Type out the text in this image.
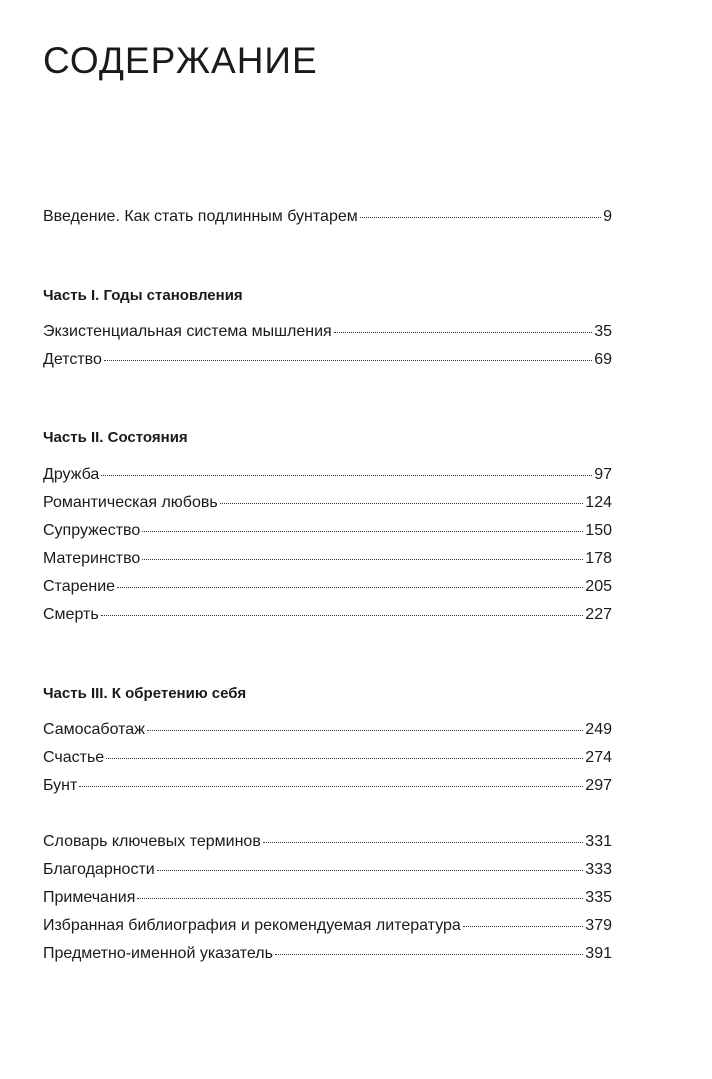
СОДЕРЖАНИЕ
Введение. Как стать подлинным бунтарем	9
Часть I. Годы становления
Экзистенциальная система мышления	35
Детство	69
Часть II. Состояния
Дружба	97
Романтическая любовь	124
Супружество	150
Материнство	178
Старение	205
Смерть	227
Часть III. К обретению себя
Самосаботаж	249
Счастье	274
Бунт	297
Словарь ключевых терминов	331
Благодарности	333
Примечания	335
Избранная библиография и рекомендуемая литература	379
Предметно-именной указатель	391
